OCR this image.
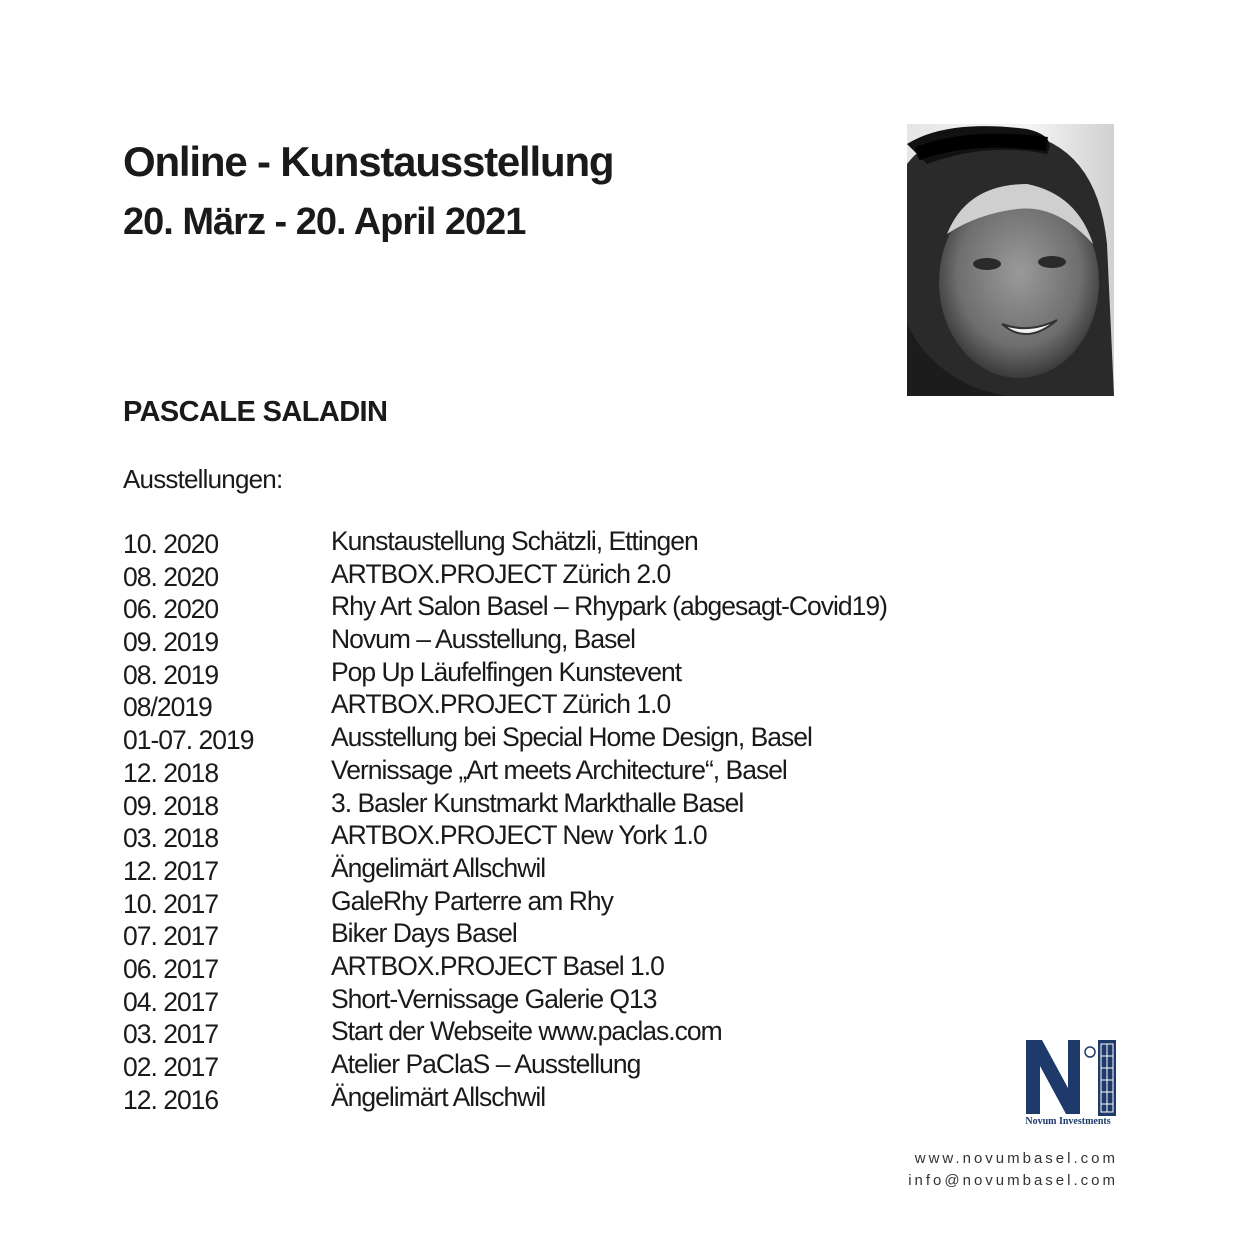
Online - Kunstausstellung
20. März - 20. April 2021
PASCALE SALADIN
Ausstellungen:
10. 2020	Kunstaustellung Schätzli, Ettingen
08. 2020	ARTBOX.PROJECT Zürich 2.0
06. 2020	Rhy Art Salon Basel – Rhypark (abgesagt-Covid19)
09. 2019	Novum – Ausstellung, Basel
08. 2019	Pop Up Läufelfingen Kunstevent
08/2019	ARTBOX.PROJECT Zürich 1.0
01-07. 2019	Ausstellung bei Special Home Design, Basel
12. 2018	Vernissage „Art meets Architecture“, Basel
09. 2018	3. Basler Kunstmarkt Markthalle Basel
03. 2018	ARTBOX.PROJECT New York 1.0
12. 2017	Ängelimärt Allschwil
10. 2017	GaleRhy Parterre am Rhy
07. 2017	Biker Days Basel
06. 2017	ARTBOX.PROJECT Basel 1.0
04. 2017	Short-Vernissage Galerie Q13
03. 2017	Start der Webseite www.paclas.com
02. 2017	Atelier PaClaS – Ausstellung
12. 2016	Ängelimärt Allschwil
Novum Investments
www.novumbasel.com
info@novumbasel.com
